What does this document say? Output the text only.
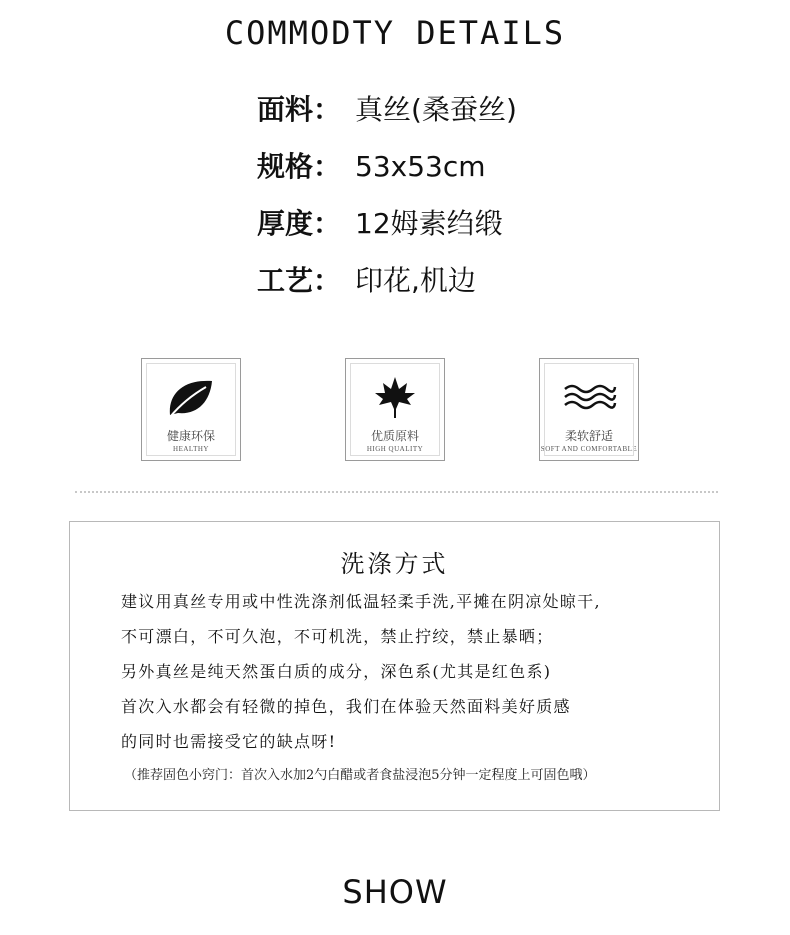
COMMODTY DETAILS
面料： 真丝(桑蚕丝)
规格： 53x53cm
厚度： 12姆素绉缎
工艺： 印花,机边
健康环保
HEALTHY
优质原料
HIGH QUALITY
柔软舒适
SOFT AND COMFORTABLE
洗涤方式
建议用真丝专用或中性洗涤剂低温轻柔手洗,平摊在阴凉处晾干,
不可漂白，不可久泡，不可机洗，禁止拧绞，禁止暴晒；
另外真丝是纯天然蛋白质的成分，深色系(尤其是红色系)
首次入水都会有轻微的掉色，我们在体验天然面料美好质感
的同时也需接受它的缺点呀!
（推荐固色小窍门：首次入水加2勺白醋或者食盐浸泡5分钟一定程度上可固色哦）
SHOW
